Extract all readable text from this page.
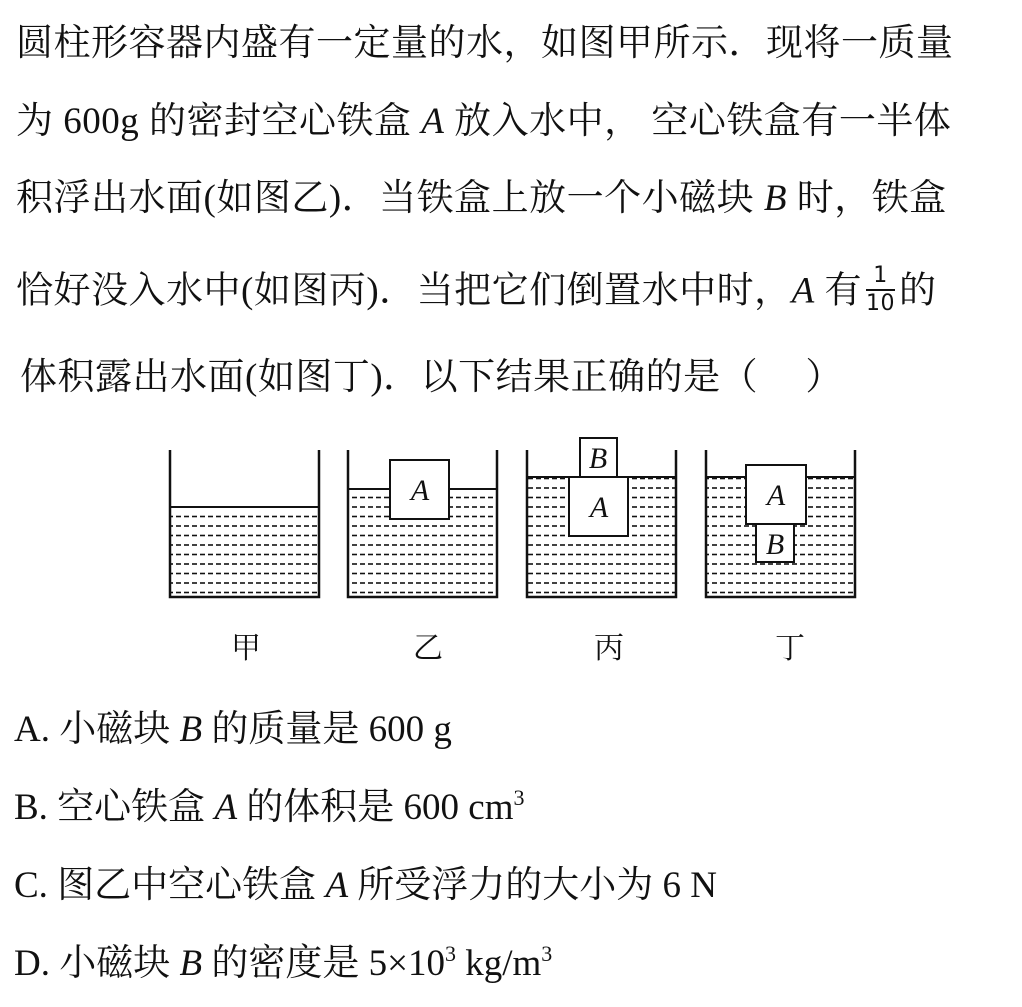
圆柱形容器内盛有一定量的水，如图甲所示．现将一质量
为 600g 的密封空心铁盒 A 放入水中， 空心铁盒有一半体
积浮出水面(如图乙)．当铁盒上放一个小磁块 B 时，铁盒
恰好没入水中(如图丙)．当把它们倒置水中时，A 有 $\frac{1}{10}$ 的
体积露出水面(如图丁)．以下结果正确的是（　 ）
A
A
B
A
B
甲	乙	丙	丁
A. 小磁块 B 的质量是 600 g
B. 空心铁盒 A 的体积是 600 $cm^3$
C. 图乙中空心铁盒 A 所受浮力的大小为 6 N
D. 小磁块 B 的密度是 $5\times 10^3$ $kg/m^3$
